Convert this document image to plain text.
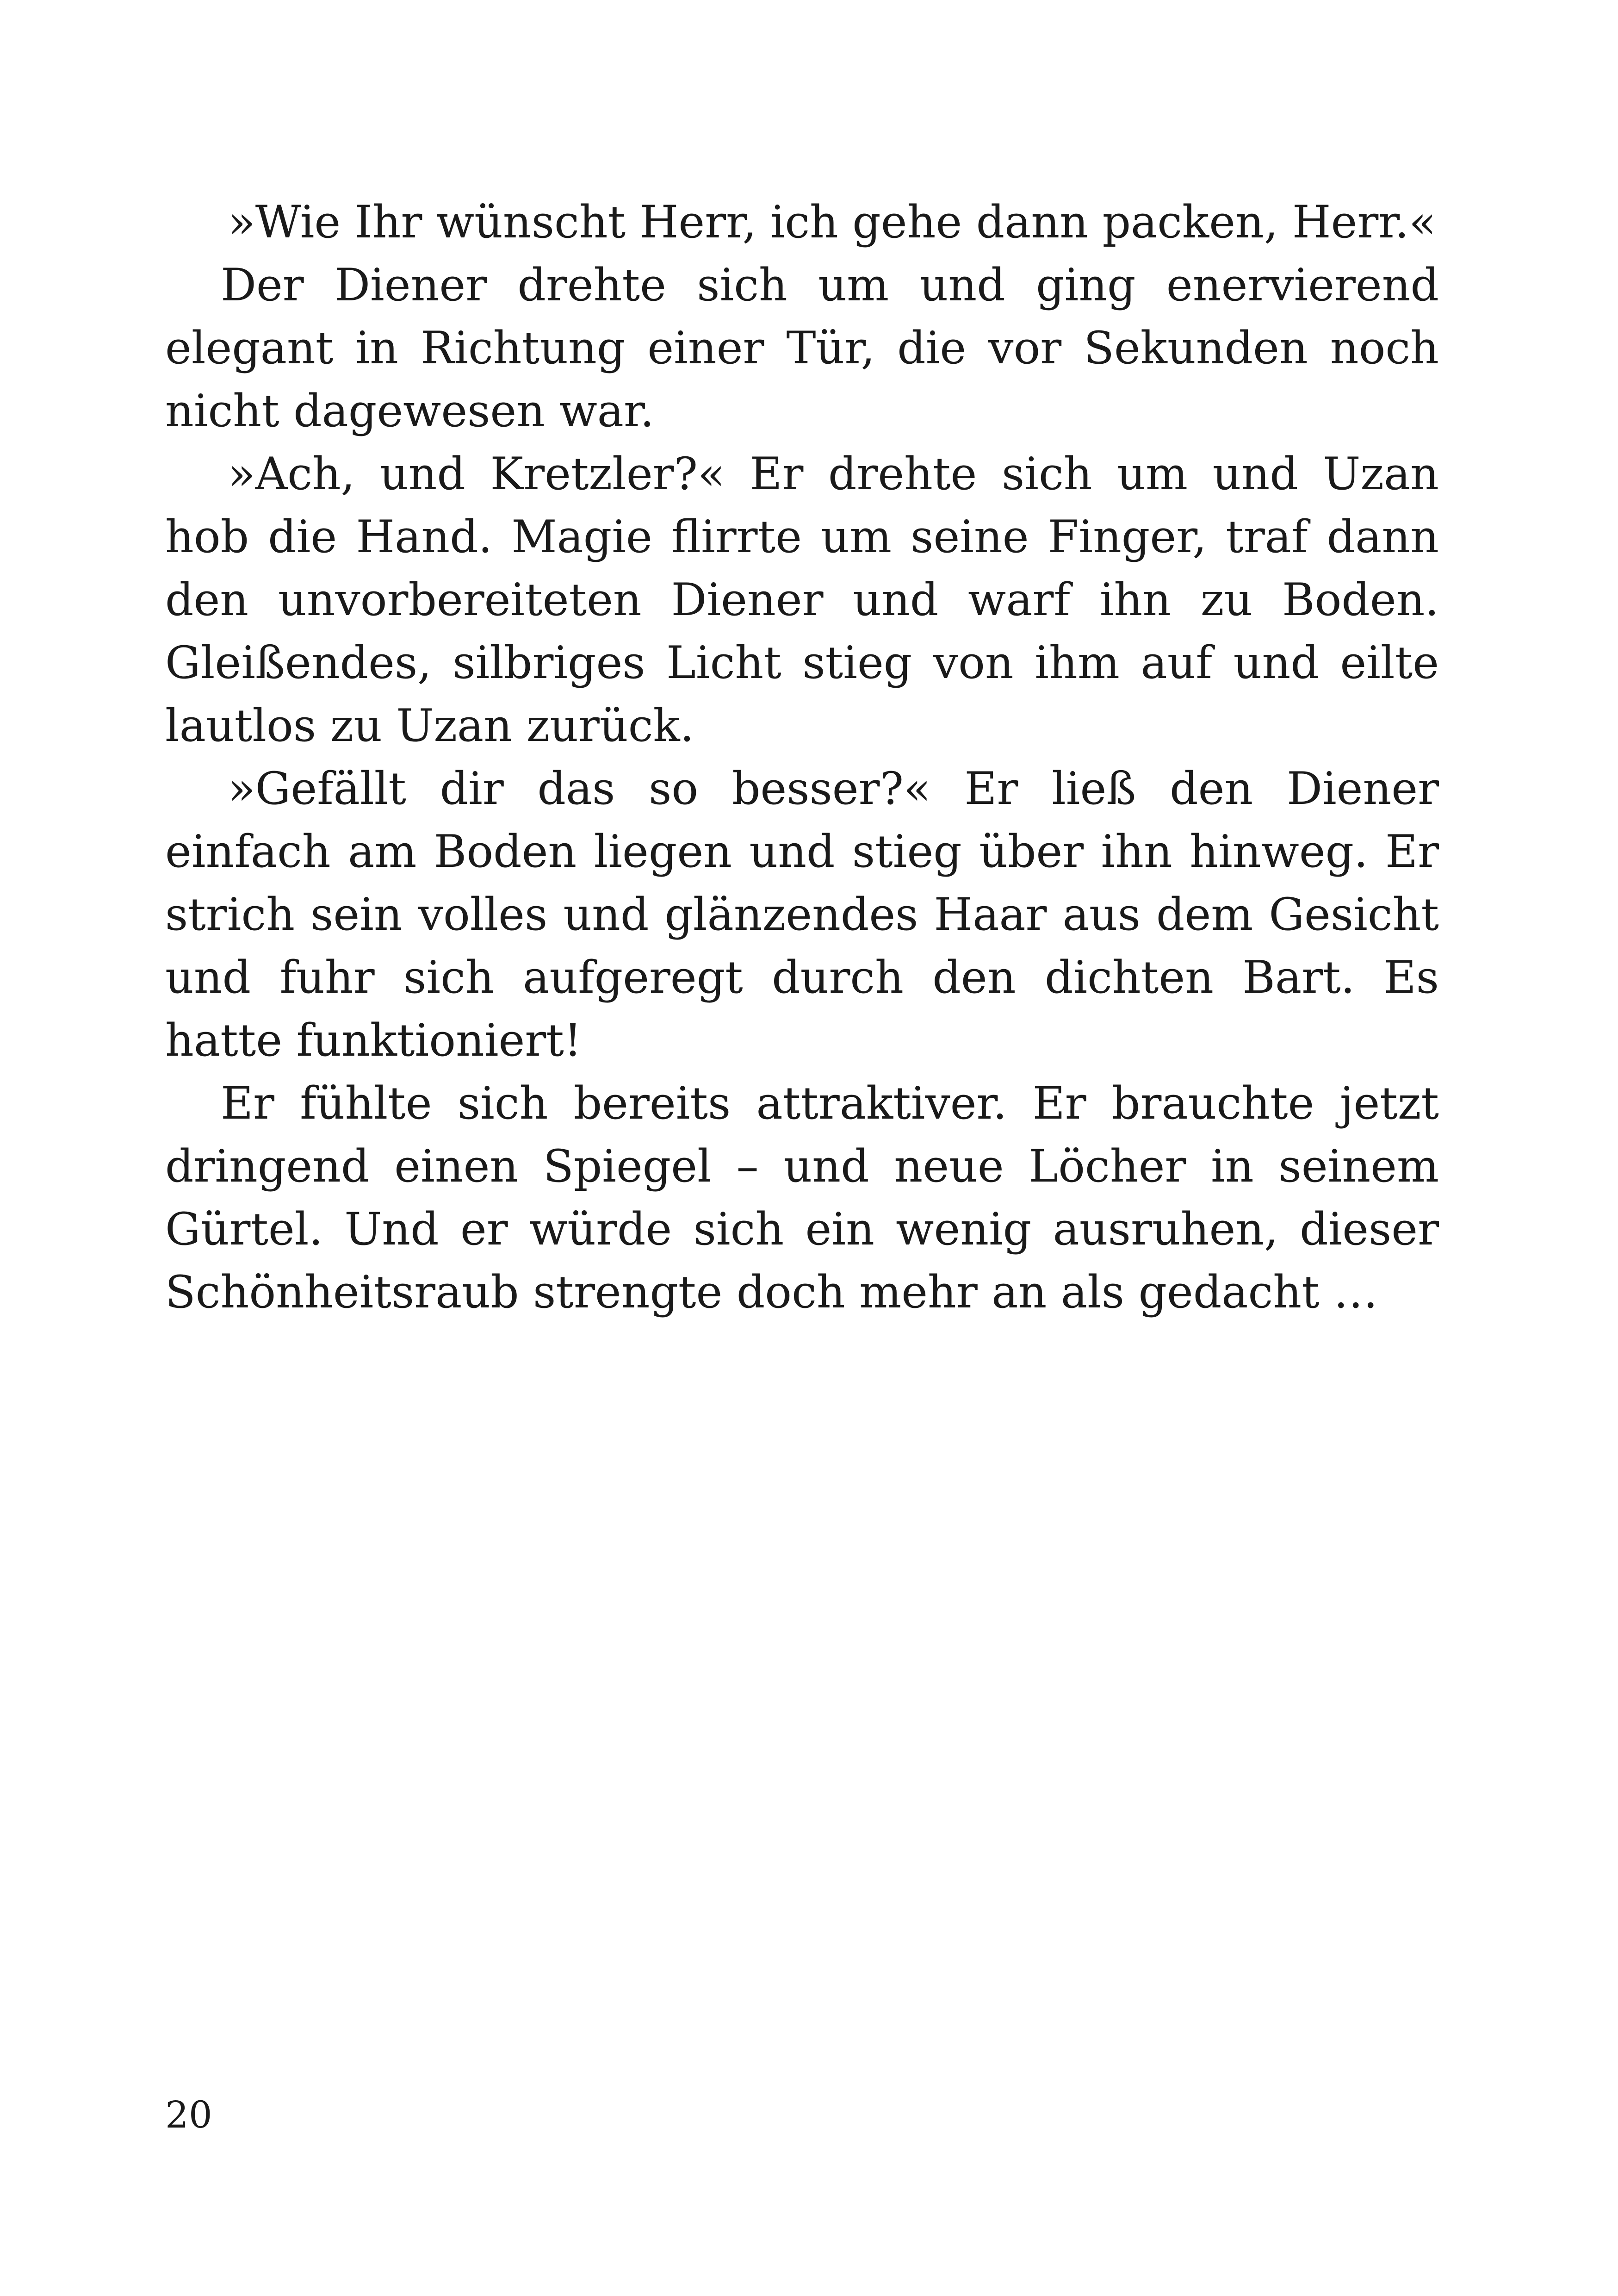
»Wie Ihr wünscht Herr, ich gehe dann packen, Herr.«

Der Diener drehte sich um und ging enervierend elegant in Richtung einer Tür, die vor Sekunden noch nicht dagewesen war.

»Ach, und Kretzler?« Er drehte sich um und Uzan hob die Hand. Magie flirrte um seine Finger, traf dann den unvorbereiteten Diener und warf ihn zu Boden. Gleißendes, silbriges Licht stieg von ihm auf und eilte lautlos zu Uzan zurück.

»Gefällt dir das so besser?« Er ließ den Diener einfach am Boden liegen und stieg über ihn hinweg. Er strich sein volles und glänzendes Haar aus dem Gesicht und fuhr sich aufgeregt durch den dichten Bart. Es hatte funktioniert!

Er fühlte sich bereits attraktiver. Er brauchte jetzt dringend einen Spiegel – und neue Löcher in seinem Gürtel. Und er würde sich ein wenig ausruhen, dieser Schönheitsraub strengte doch mehr an als gedacht …

20
